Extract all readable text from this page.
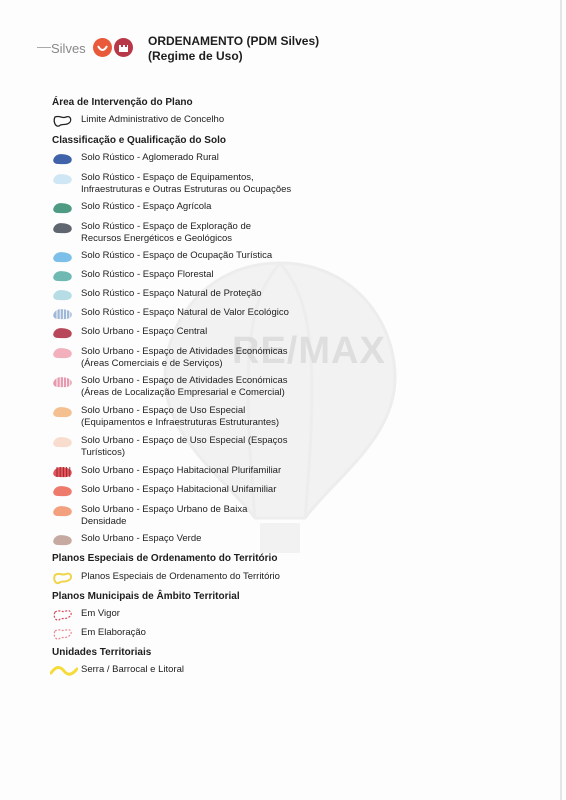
RE/MAX
Silves	ORDENAMENTO (PDM Silves)
(Regime de Uso)
Área de Intervenção do Plano
Limite Administrativo de Concelho
Classificação e Qualificação do Solo
Solo Rústico - Aglomerado Rural
Solo Rústico - Espaço de Equipamentos,
Infraestruturas e Outras Estruturas ou Ocupações
Solo Rústico - Espaço Agrícola
Solo Rústico - Espaço de Exploração de
Recursos Energéticos e Geológicos
Solo Rústico - Espaço de Ocupação Turística
Solo Rústico - Espaço Florestal
Solo Rústico - Espaço Natural de Proteção
Solo Rústico - Espaço Natural de Valor Ecológico
Solo Urbano - Espaço Central
Solo Urbano - Espaço de Atividades Económicas
(Áreas Comerciais e de Serviços)
Solo Urbano - Espaço de Atividades Económicas
(Áreas de Localização Empresarial e Comercial)
Solo Urbano - Espaço de Uso Especial
(Equipamentos e Infraestruturas Estruturantes)
Solo Urbano - Espaço de Uso Especial (Espaços
Turísticos)
Solo Urbano - Espaço Habitacional Plurifamiliar
Solo Urbano - Espaço Habitacional Unifamiliar
Solo Urbano - Espaço Urbano de Baixa
Densidade
Solo Urbano - Espaço Verde
Planos Especiais de Ordenamento do Território
Planos Especiais de Ordenamento do Território
Planos Municipais de Âmbito Territorial
Em Vigor
Em Elaboração
Unidades Territoriais
Serra / Barrocal e Litoral
